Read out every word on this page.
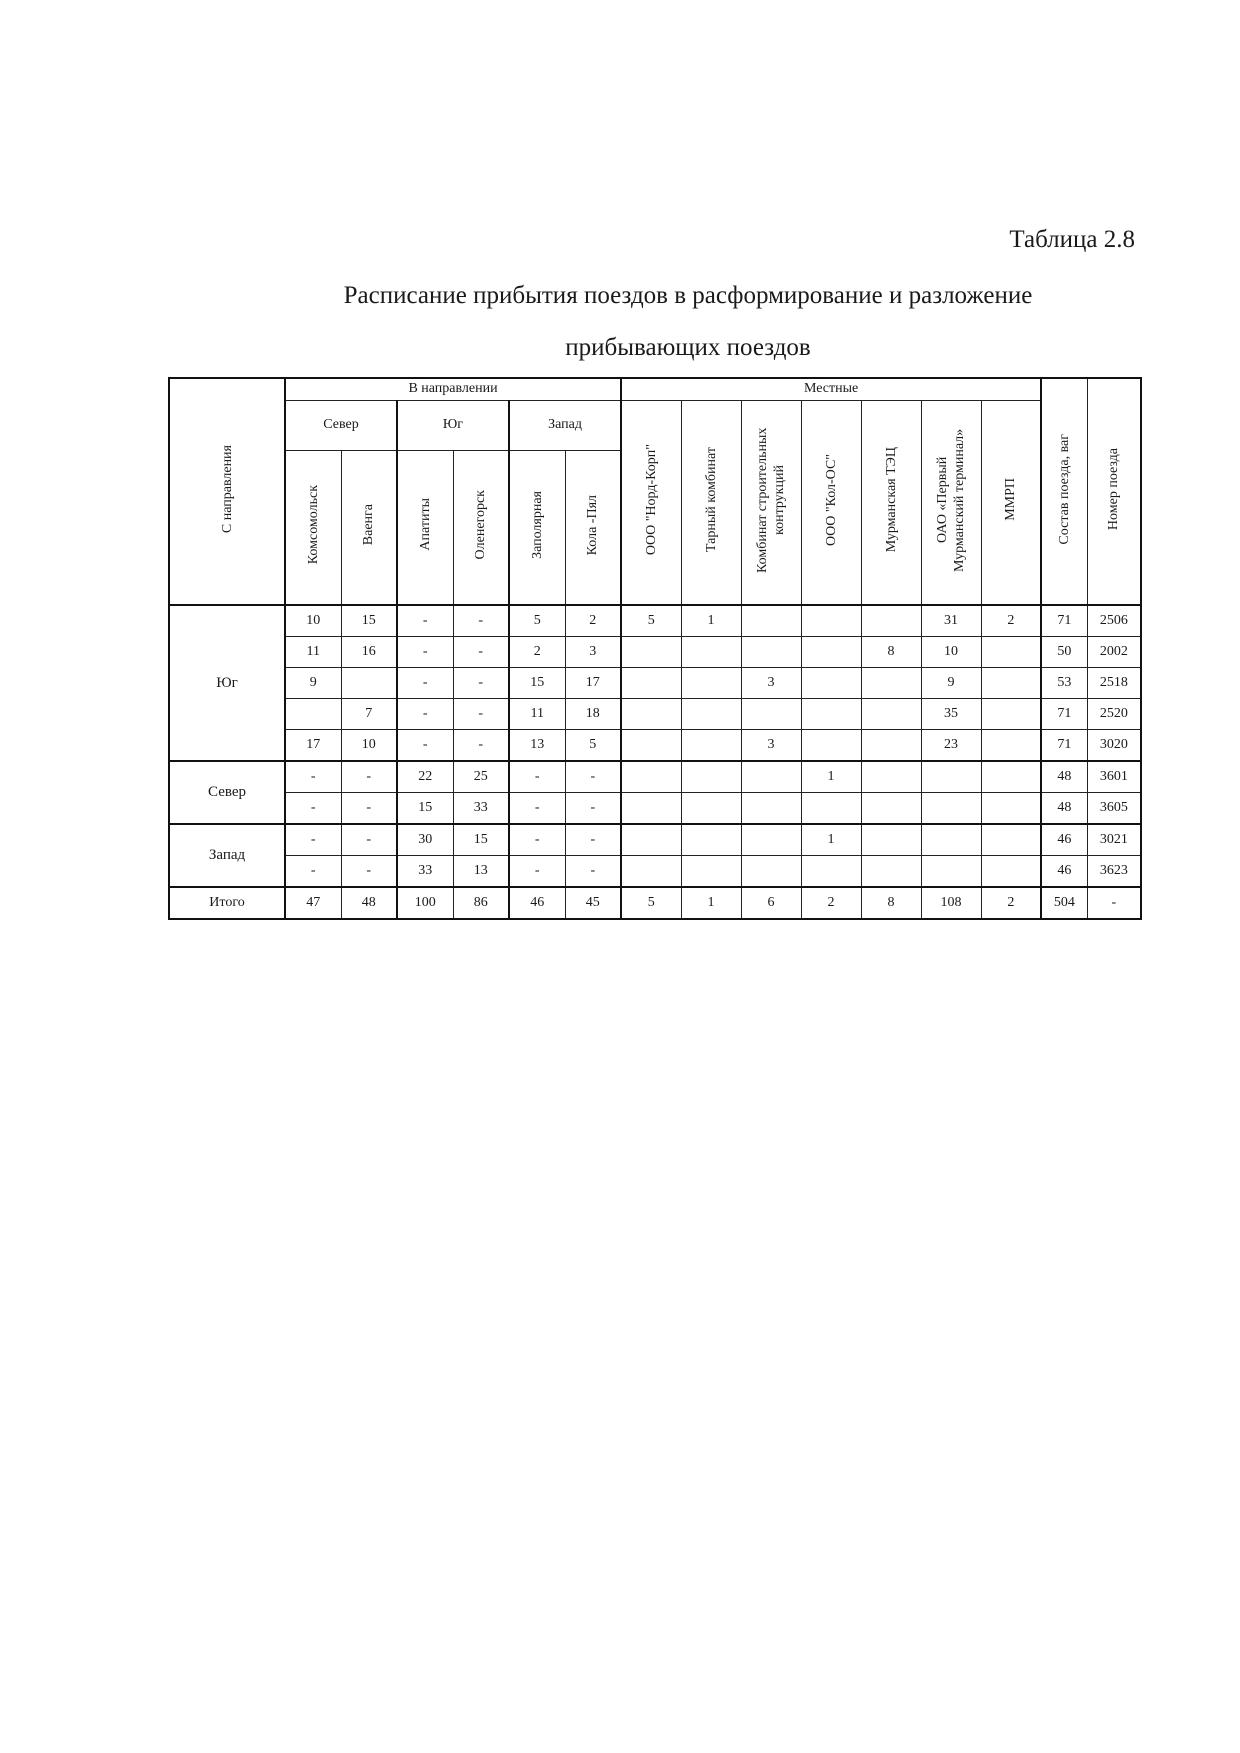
Таблица 2.8
Расписание прибытия поездов в расформирование и разложение
прибывающих поездов
С направления	В направлении						Местные							Состав поезда, ваг	Номер поезда
	Север		Юг		Запад		ООО "Норд-Корп"	Тарный комбинат	Комбинат строительных контрукций	ООО "Кол-ОС"	Мурманская ТЭЦ	ОАО «Первый Мурманский терминал»	ММРП		
	Комсомольск	Ваенга	Апатиты	Оленегорск	Заполярная	Кола -Пял									
Юг	10	15	-	-	5	2	5	1				31	2	71	2506
	11	16	-	-	2	3					8	10		50	2002
	9		-	-	15	17			3			9		53	2518
		7	-	-	11	18						35		71	2520
	17	10	-	-	13	5			3			23		71	3020
Север	-	-	22	25	-	-				1				48	3601
	-	-	15	33	-	-								48	3605
Запад	-	-	30	15	-	-				1				46	3021
	-	-	33	13	-	-								46	3623
Итого	47	48	100	86	46	45	5	1	6	2	8	108	2	504	-
